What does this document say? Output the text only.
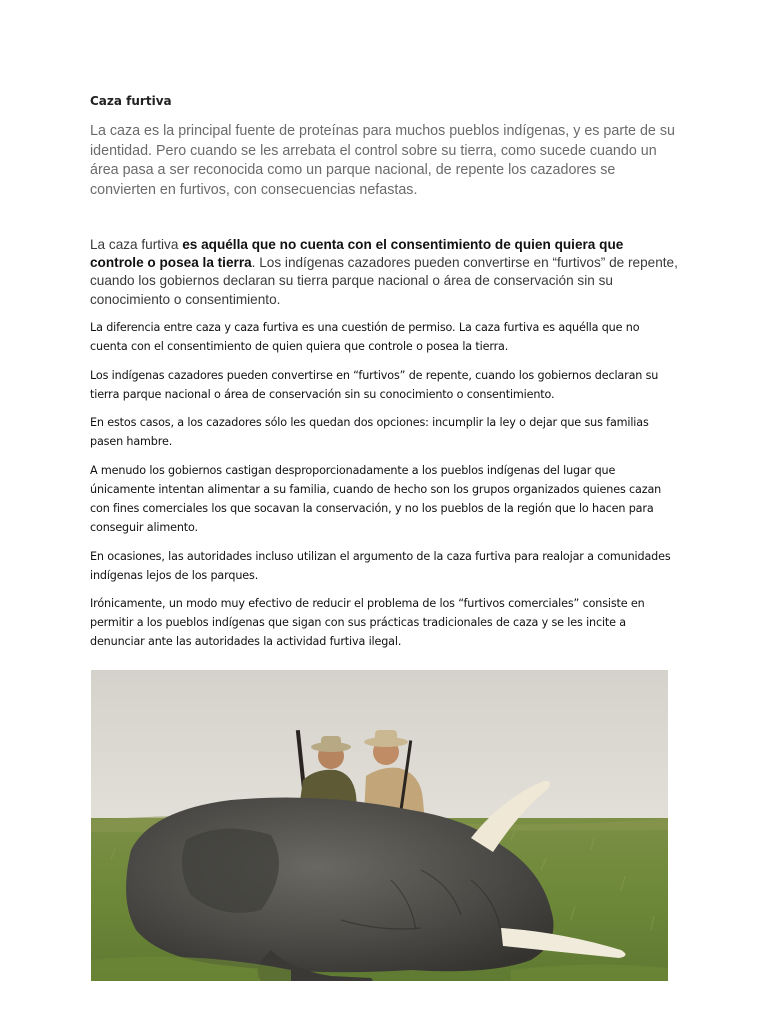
Caza furtiva

La caza es la principal fuente de proteínas para muchos pueblos indígenas, y es parte de su identidad. Pero cuando se les arrebata el control sobre su tierra, como sucede cuando un área pasa a ser reconocida como un parque nacional, de repente los cazadores se convierten en furtivos, con consecuencias nefastas.

La caza furtiva es aquélla que no cuenta con el consentimiento de quien quiera que controle o posea la tierra. Los indígenas cazadores pueden convertirse en “furtivos” de repente, cuando los gobiernos declaran su tierra parque nacional o área de conservación sin su conocimiento o consentimiento.

La diferencia entre caza y caza furtiva es una cuestión de permiso. La caza furtiva es aquélla que no cuenta con el consentimiento de quien quiera que controle o posea la tierra.

Los indígenas cazadores pueden convertirse en “furtivos” de repente, cuando los gobiernos declaran su tierra parque nacional o área de conservación sin su conocimiento o consentimiento.

En estos casos, a los cazadores sólo les quedan dos opciones: incumplir la ley o dejar que sus familias pasen hambre.

A menudo los gobiernos castigan desproporcionadamente a los pueblos indígenas del lugar que únicamente intentan alimentar a su familia, cuando de hecho son los grupos organizados quienes cazan con fines comerciales los que socavan la conservación, y no los pueblos de la región que lo hacen para conseguir alimento.

En ocasiones, las autoridades incluso utilizan el argumento de la caza furtiva para realojar a comunidades indígenas lejos de los parques.

Irónicamente, un modo muy efectivo de reducir el problema de los “furtivos comerciales” consiste en permitir a los pueblos indígenas que sigan con sus prácticas tradicionales de caza y se les incite a denunciar ante las autoridades la actividad furtiva ilegal.
